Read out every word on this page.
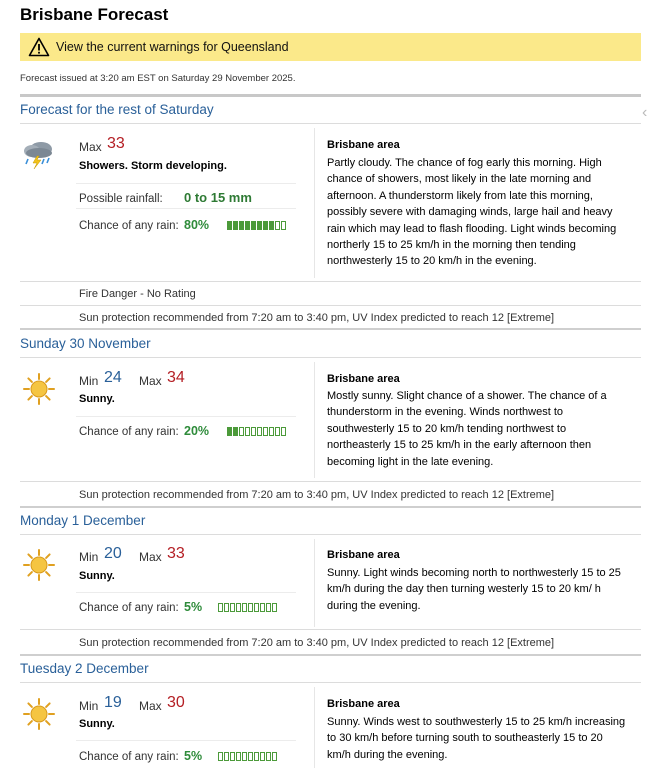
Brisbane Forecast
View the current warnings for Queensland
Forecast issued at 3:20 am EST on Saturday 29 November 2025.
‹
Forecast for the rest of Saturday
Max 33
Showers. Storm developing.
Possible rainfall: 0 to 15 mm
Chance of any rain: 80%
Brisbane area

Partly cloudy. The chance of fog early this morning. High chance of showers, most likely in the late morning and afternoon. A thunderstorm likely from late this morning, possibly severe with damaging winds, large hail and heavy rain which may lead to flash flooding. Light winds becoming northerly 15 to 25 km/h in the morning then tending northwesterly 15 to 20 km/h in the evening.

Fire Danger - No Rating
Sun protection recommended from 7:20 am to 3:40 pm, UV Index predicted to reach 12 [Extreme]
Sunday 30 November
Min 24 Max 34
Sunny.
Chance of any rain: 20%
Brisbane area

Mostly sunny. Slight chance of a shower. The chance of a thunderstorm in the evening. Winds northwest to southwesterly 15 to 20 km/h tending northwest to northeasterly 15 to 25 km/h in the early afternoon then becoming light in the late evening.

Sun protection recommended from 7:20 am to 3:40 pm, UV Index predicted to reach 12 [Extreme]
Monday 1 December
Min 20 Max 33
Sunny.
Chance of any rain: 5%
Brisbane area

Sunny. Light winds becoming north to northwesterly 15 to 25 km/h during the day then turning westerly 15 to 20 km/ h during the evening.

Sun protection recommended from 7:20 am to 3:40 pm, UV Index predicted to reach 12 [Extreme]
Tuesday 2 December
Min 19 Max 30
Sunny.
Chance of any rain: 5%
Brisbane area

Sunny. Winds west to southwesterly 15 to 25 km/h increasing to 30 km/h before turning south to southeasterly 15 to 20 km/h during the evening.
